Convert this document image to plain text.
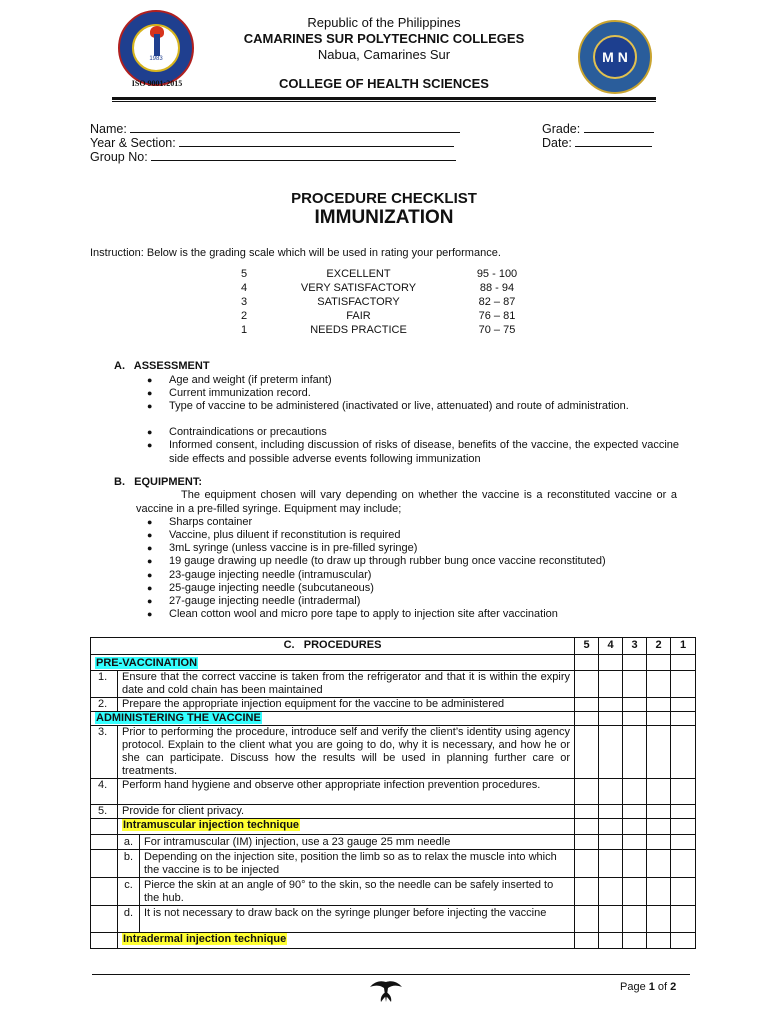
1983
ISO 9001:2015
M N
Republic of the Philippines
CAMARINES SUR POLYTECHNIC COLLEGES
Nabua, Camarines Sur
COLLEGE OF HEALTH SCIENCES
Name:
Year & Section:
Group No:
Grade:
Date:
PROCEDURE CHECKLIST
IMMUNIZATION
Instruction: Below is the grading scale which will be used in rating your performance.
5	EXCELLENT	95 - 100
4	VERY SATISFACTORY	88 - 94
3	SATISFACTORY	82 – 87
2	FAIR	76 – 81
1	NEEDS PRACTICE	70 – 75
A.   ASSESSMENT
● Age and weight (if preterm infant)
● Current immunization record.
● Type of vaccine to be administered (inactivated or live, attenuated) and route of administration.
● Contraindications or precautions
● Informed consent, including discussion of risks of disease, benefits of the vaccine, the expected vaccine side effects and possible adverse events following immunization
B.   EQUIPMENT:
The equipment chosen will vary depending on whether the vaccine is a reconstituted vaccine or a vaccine in a pre-filled syringe. Equipment may include;
● Sharps container
● Vaccine, plus diluent if reconstitution is required
● 3mL syringe (unless vaccine is in pre-filled syringe)
● 19 gauge drawing up needle (to draw up through rubber bung once vaccine reconstituted)
● 23-gauge injecting needle (intramuscular)
● 25-gauge injecting needle (subcutaneous)
● 27-gauge injecting needle (intradermal)
● Clean cotton wool and micro pore tape to apply to injection site after vaccination
C.   PROCEDURES			5	4	3	2	1
PRE-VACCINATION							
1.	Ensure that the correct vaccine is taken from the refrigerator and that it is within the expiry date and cold chain has been maintained						
2.	Prepare the appropriate injection equipment for the vaccine to be administered						
ADMINISTERING THE VACCINE							
3.	Prior to performing the procedure, introduce self and verify the client’s identity using agency protocol. Explain to the client what you are going to do, why it is necessary, and how he or she can participate. Discuss how the results will be used in planning further care or treatments.						
4.	Perform hand hygiene and observe other appropriate infection prevention procedures.						
5.	Provide for client privacy.						
	Intramuscular injection technique						
	a.	For intramuscular (IM) injection, use a 23 gauge 25 mm needle					
	b.	Depending on the injection site, position the limb so as to relax the muscle into which the vaccine is to be injected					
	c.	Pierce the skin at an angle of 90° to the skin, so the needle can be safely inserted to the hub.					
	d.	It is not necessary to draw back on the syringe plunger before injecting the vaccine					
	Intradermal injection technique						
Page 1 of 2
